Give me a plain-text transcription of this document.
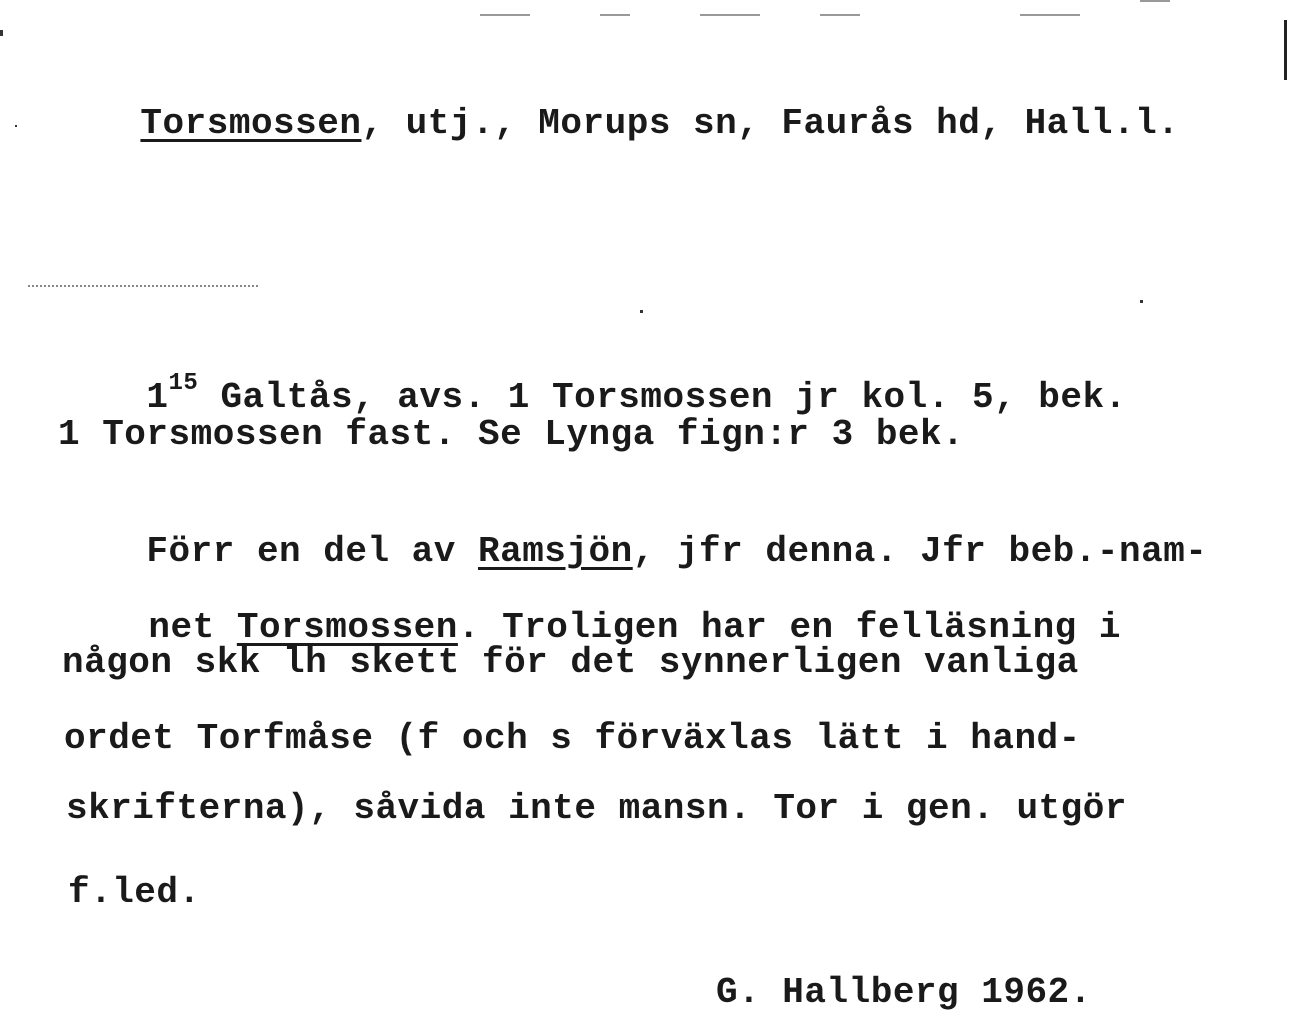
Torsmossen, utj., Morups sn, Faurås hd, Hall.l.

$1^{15}$ Galtås, avs. 1 Torsmossen jr kol. 5, bek.

1 Torsmossen fast. Se Lynga fign:r 3 bek.

Förr en del av Ramsjön, jfr denna. Jfr beb.-nam-

net Torsmossen. Troligen har en felläsning i

någon skk lh skett för det synnerligen vanliga
ordet Torfmåse (f och s förväxlas lätt i hand-
skrifterna), såvida inte mansn. Tor i gen. utgör
f.led.
G. Hallberg 1962.
